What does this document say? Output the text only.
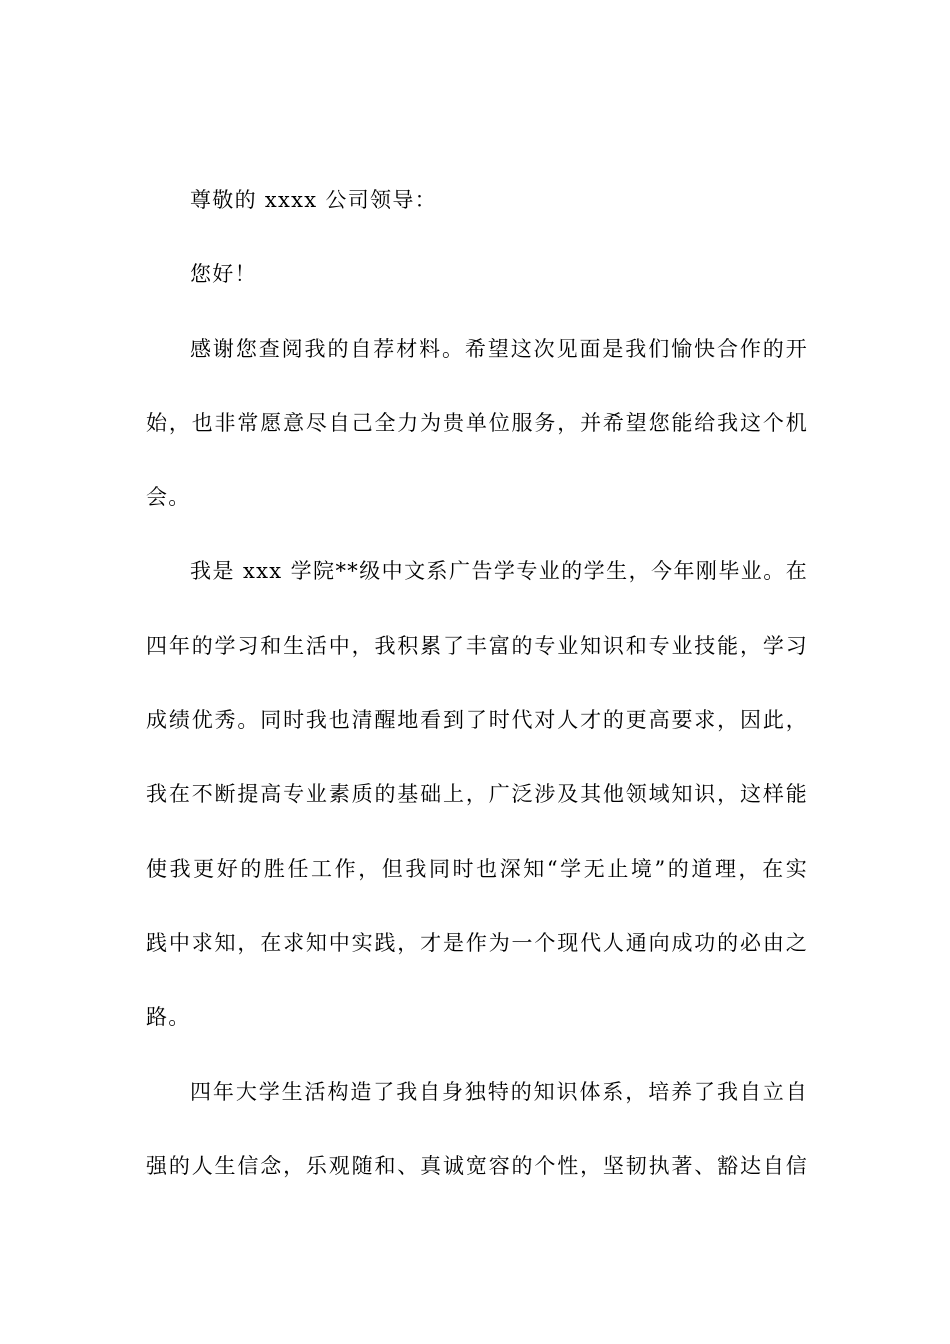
尊敬的 xxxx 公司领导：
您好！
感谢您查阅我的自荐材料。希望这次见面是我们愉快合作的开
始，也非常愿意尽自己全力为贵单位服务，并希望您能给我这个机
会。
我是 xxx 学院**级中文系广告学专业的学生，今年刚毕业。在
四年的学习和生活中，我积累了丰富的专业知识和专业技能，学习
成绩优秀。同时我也清醒地看到了时代对人才的更高要求，因此，
我在不断提高专业素质的基础上，广泛涉及其他领域知识，这样能
使我更好的胜任工作，但我同时也深知“学无止境”的道理，在实
践中求知，在求知中实践，才是作为一个现代人通向成功的必由之
路。
四年大学生活构造了我自身独特的知识体系，培养了我自立自
强的人生信念，乐观随和、真诚宽容的个性，坚韧执著、豁达自信
